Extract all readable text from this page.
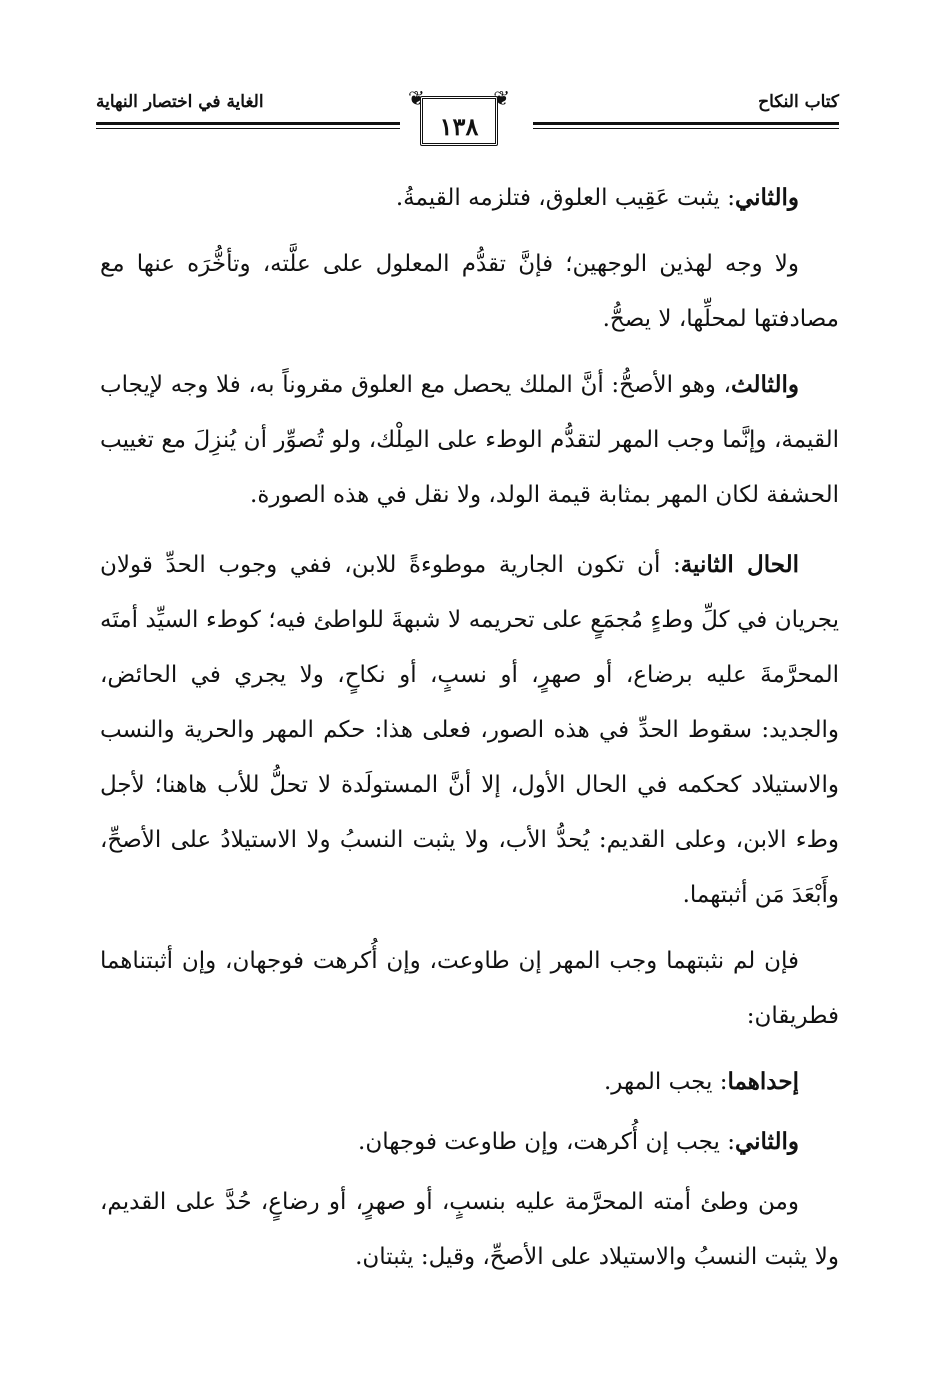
كتاب النكاح
الغاية في اختصار النهاية	❦	❦
١٣٨

والثاني: يثبت عَقِيب العلوق، فتلزمه القيمةُ.

ولا وجه لهذين الوجهين؛ فإنَّ تقدُّم المعلول على علَّته، وتأخُّرَه عنها مع مصادفتها لمحلِّها، لا يصحُّ.

والثالث، وهو الأصحُّ: أنَّ الملك يحصل مع العلوق مقروناً به، فلا وجه لإيجاب القيمة، وإنَّما وجب المهر لتقدُّم الوطء على المِلْك، ولو تُصوِّر أن يُنزِلَ مع تغييب الحشفة لكان المهر بمثابة قيمة الولد، ولا نقل في هذه الصورة.

الحال الثانية: أن تكون الجارية موطوءةً للابن، ففي وجوب الحدِّ قولان يجريان في كلِّ وطءٍ مُجمَعٍ على تحريمه لا شبهةَ للواطئ فيه؛ كوطء السيِّد أمتَه المحرَّمةَ عليه برضاع، أو صهرٍ، أو نسبٍ، أو نكاحٍ، ولا يجري في الحائض، والجديد: سقوط الحدِّ في هذه الصور، فعلى هذا: حكم المهر والحرية والنسب والاستيلاد كحكمه في الحال الأول، إلا أنَّ المستولَدة لا تحلُّ للأب هاهنا؛ لأجل وطء الابن، وعلى القديم: يُحدُّ الأب، ولا يثبت النسبُ ولا الاستيلادُ على الأصحِّ، وأَبْعَدَ مَن أثبتهما.

فإن لم نثبتهما وجب المهر إن طاوعت، وإن أُكرهت فوجهان، وإن أثبتناهما فطريقان:

إحداهما: يجب المهر.

والثاني: يجب إن أُكرهت، وإن طاوعت فوجهان.

ومن وطئ أمته المحرَّمة عليه بنسبٍ، أو صهرٍ، أو رضاعٍ، حُدَّ على القديم، ولا يثبت النسبُ والاستيلاد على الأصحِّ، وقيل: يثبتان.
